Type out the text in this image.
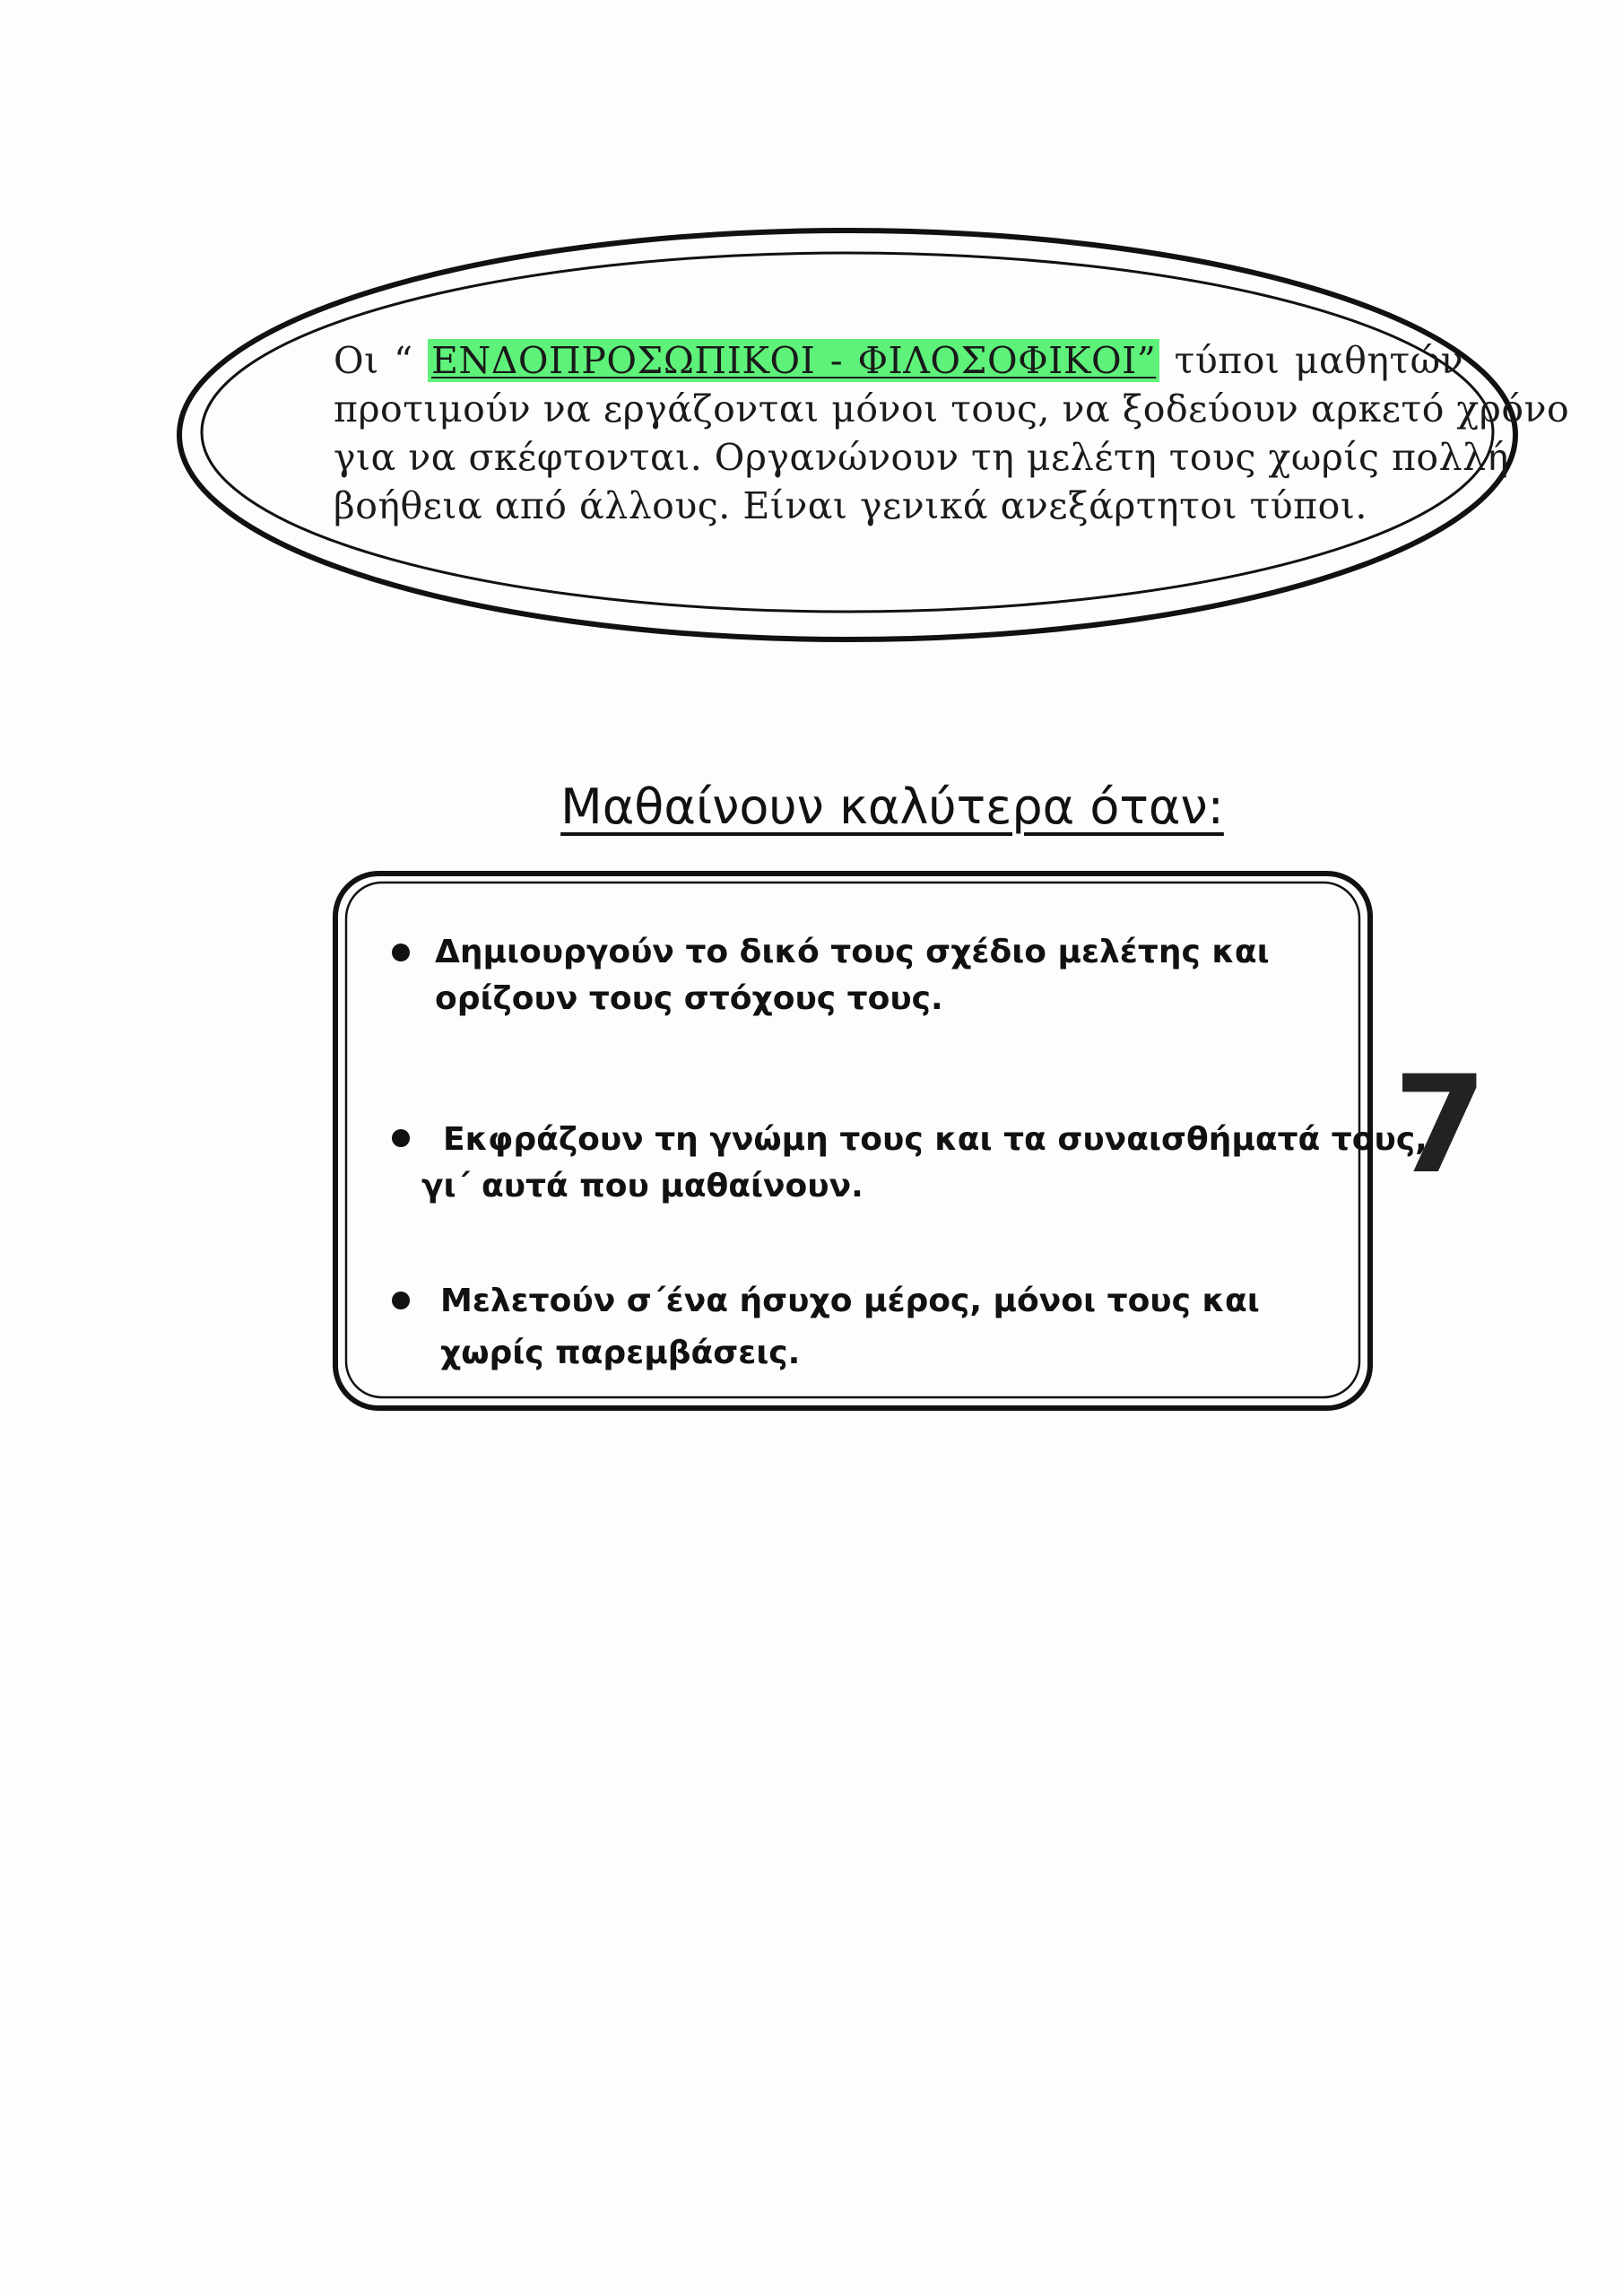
Οι “ ΕΝΔΟΠΡΟΣΩΠΙΚΟΙ - ΦΙΛΟΣΟΦΙΚΟΙ” τύποι μαθητών
προτιμούν να εργάζονται μόνοι τους, να ξοδεύουν αρκετό χρόνο
για να σκέφτονται. Οργανώνουν τη μελέτη τους χωρίς πολλή
βοήθεια από άλλους. Είναι γενικά ανεξάρτητοι τύποι.
Μαθαίνουν καλύτερα όταν:
Δημιουργούν το δικό τους σχέδιο μελέτης και
ορίζουν τους στόχους τους.
Εκφράζουν τη γνώμη τους και τα συναισθήματά τους,
γι΄ αυτά που μαθαίνουν.
Μελετούν σ΄ένα ήσυχο μέρος, μόνοι τους και
χωρίς παρεμβάσεις.
7
